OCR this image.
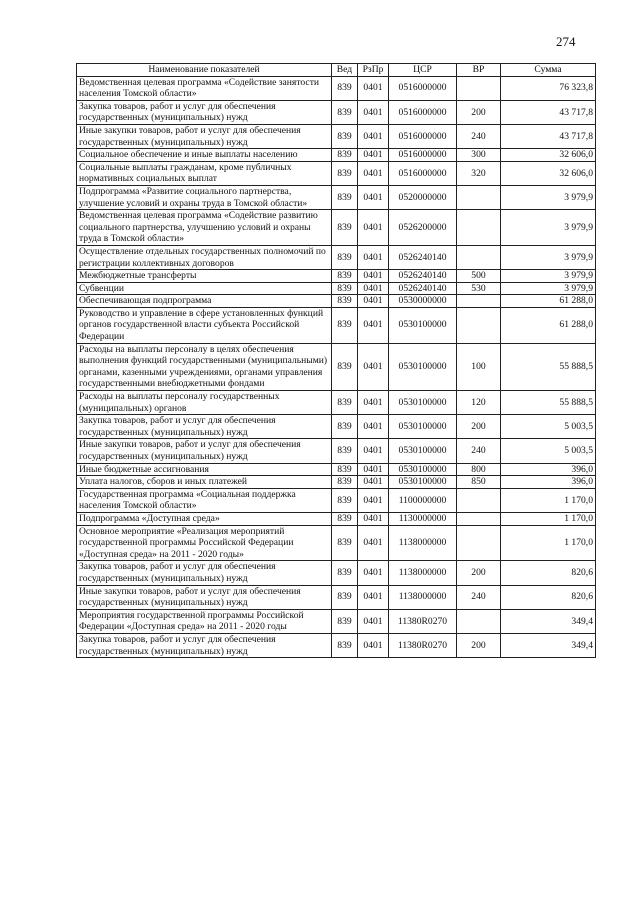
274
Наименование показателей	Вед	РзПр	ЦСР	ВР	Сумма
Ведомственная целевая программа «Содействие занятости населения Томской области»	839	0401	0516000000		76 323,8
Закупка товаров, работ и услуг для обеспечения государственных (муниципальных) нужд	839	0401	0516000000	200	43 717,8
Иные закупки товаров, работ и услуг для обеспечения государственных (муниципальных) нужд	839	0401	0516000000	240	43 717,8
Социальное обеспечение и иные выплаты населению	839	0401	0516000000	300	32 606,0
Социальные выплаты гражданам, кроме публичных нормативных социальных выплат	839	0401	0516000000	320	32 606,0
Подпрограмма «Развитие социального партнерства, улучшение условий и охраны труда в Томской области»	839	0401	0520000000		3 979,9
Ведомственная целевая программа «Содействие развитию социального партнерства, улучшению условий и охраны труда в Томской области»	839	0401	0526200000		3 979,9
Осуществление отдельных государственных полномочий по регистрации коллективных договоров	839	0401	0526240140		3 979,9
Межбюджетные трансферты	839	0401	0526240140	500	3 979,9
Субвенции	839	0401	0526240140	530	3 979,9
Обеспечивающая подпрограмма	839	0401	0530000000		61 288,0
Руководство и управление в сфере установленных функций органов государственной власти субъекта Российской Федерации	839	0401	0530100000		61 288,0
Расходы на выплаты персоналу в целях обеспечения выполнения функций государственными (муниципальными) органами, казенными учреждениями, органами управления государственными внебюджетными фондами	839	0401	0530100000	100	55 888,5
Расходы на выплаты персоналу государственных (муниципальных) органов	839	0401	0530100000	120	55 888,5
Закупка товаров, работ и услуг для обеспечения государственных (муниципальных) нужд	839	0401	0530100000	200	5 003,5
Иные закупки товаров, работ и услуг для обеспечения государственных (муниципальных) нужд	839	0401	0530100000	240	5 003,5
Иные бюджетные ассигнования	839	0401	0530100000	800	396,0
Уплата налогов, сборов и иных платежей	839	0401	0530100000	850	396,0
Государственная программа «Социальная поддержка населения Томской области»	839	0401	1100000000		1 170,0
Подпрограмма «Доступная среда»	839	0401	1130000000		1 170,0
Основное мероприятие «Реализация мероприятий государственной программы Российской Федерации «Доступная среда» на 2011 - 2020 годы»	839	0401	1138000000		1 170,0
Закупка товаров, работ и услуг для обеспечения государственных (муниципальных) нужд	839	0401	1138000000	200	820,6
Иные закупки товаров, работ и услуг для обеспечения государственных (муниципальных) нужд	839	0401	1138000000	240	820,6
Мероприятия государственной программы Российской Федерации «Доступная среда» на 2011 - 2020 годы	839	0401	11380R0270		349,4
Закупка товаров, работ и услуг для обеспечения государственных (муниципальных) нужд	839	0401	11380R0270	200	349,4
